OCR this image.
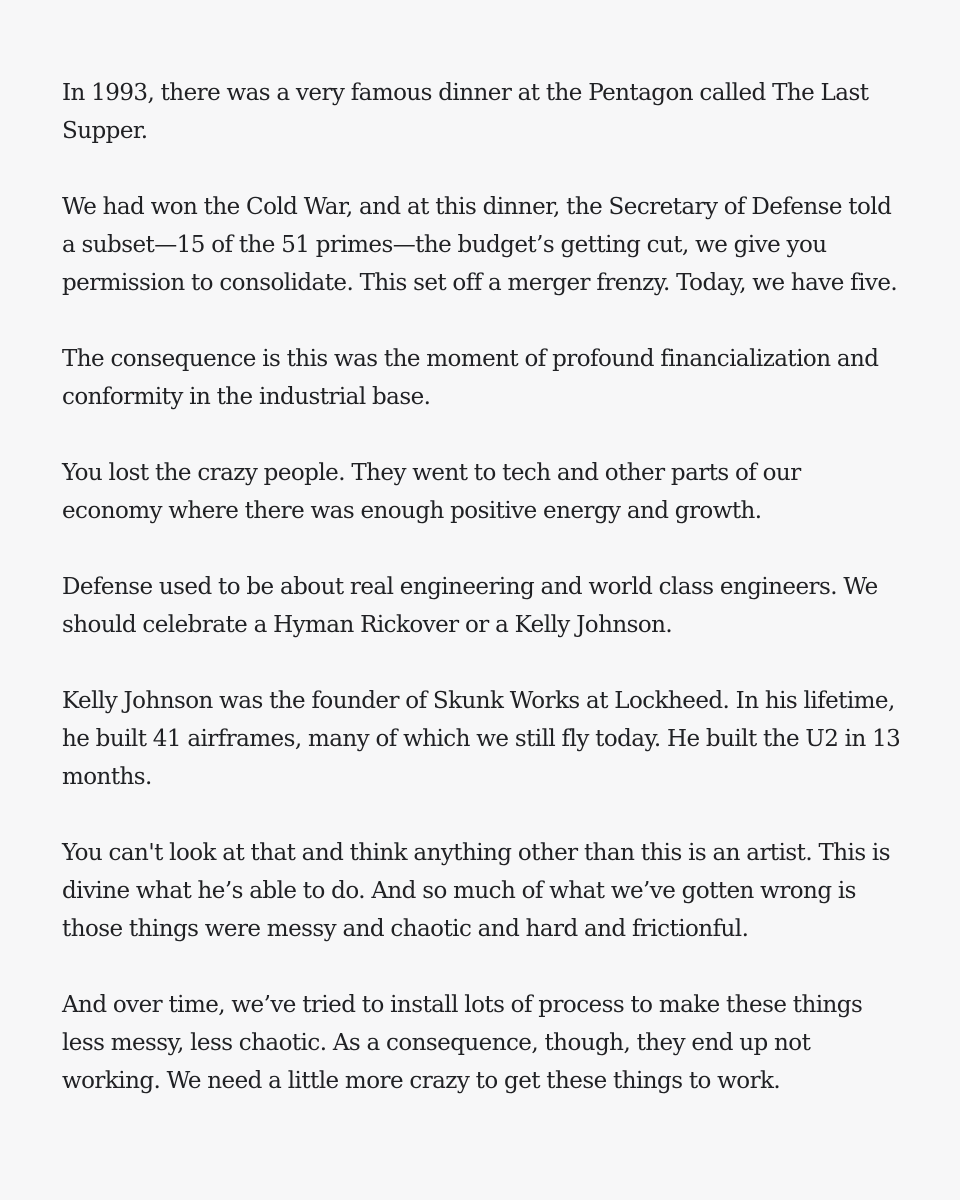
In 1993, there was a very famous dinner at the Pentagon called The Last
Supper.

We had won the Cold War, and at this dinner, the Secretary of Defense told
a subset—15 of the 51 primes—the budget’s getting cut, we give you
permission to consolidate. This set off a merger frenzy. Today, we have five.

The consequence is this was the moment of profound financialization and
conformity in the industrial base.

You lost the crazy people. They went to tech and other parts of our
economy where there was enough positive energy and growth.

Defense used to be about real engineering and world class engineers. We
should celebrate a Hyman Rickover or a Kelly Johnson.

Kelly Johnson was the founder of Skunk Works at Lockheed. In his lifetime,
he built 41 airframes, many of which we still fly today. He built the U2 in 13
months.

You can't look at that and think anything other than this is an artist. This is
divine what he’s able to do. And so much of what we’ve gotten wrong is
those things were messy and chaotic and hard and frictionful.

And over time, we’ve tried to install lots of process to make these things
less messy, less chaotic. As a consequence, though, they end up not
working. We need a little more crazy to get these things to work.
